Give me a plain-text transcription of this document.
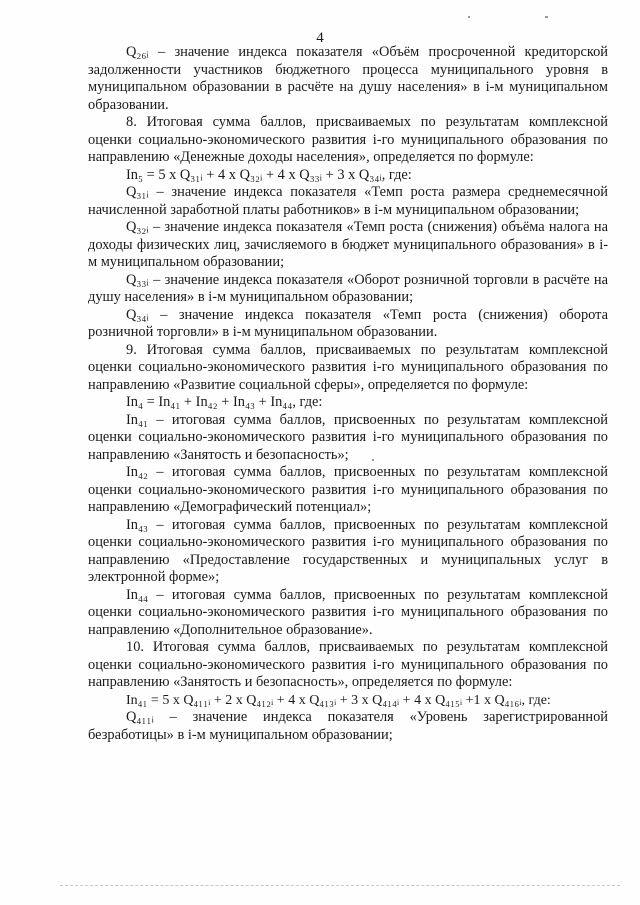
4

Q₂₆ᵢ – значение индекса показателя «Объём просроченной кредиторской задолженности участников бюджетного процесса муниципального уровня в муниципальном образовании в расчёте на душу населения» в i-м муниципальном образовании.

8. Итоговая сумма баллов, присваиваемых по результатам комплексной оценки социально-экономического развития i-го муниципального образования по направлению «Денежные доходы населения», определяется по формуле:

In₅ = 5 x Q₃₁ᵢ + 4 x Q₃₂ᵢ + 4 x Q₃₃ᵢ + 3 x Q₃₄ᵢ, где:

Q₃₁ᵢ – значение индекса показателя «Темп роста размера среднемесячной начисленной заработной платы работников» в i-м муниципальном образовании;

Q₃₂ᵢ – значение индекса показателя «Темп роста (снижения) объёма налога на доходы физических лиц, зачисляемого в бюджет муниципального образования» в i-м муниципальном образовании;

Q₃₃ᵢ – значение индекса показателя «Оборот розничной торговли в расчёте на душу населения» в i-м муниципальном образовании;

Q₃₄ᵢ – значение индекса показателя «Темп роста (снижения) оборота розничной торговли» в i-м муниципальном образовании.

9. Итоговая сумма баллов, присваиваемых по результатам комплексной оценки социально-экономического развития i-го муниципального образования по направлению «Развитие социальной сферы», определяется по формуле:

In₄ = In₄₁ + In₄₂ + In₄₃ + In₄₄, где:

In₄₁ – итоговая сумма баллов, присвоенных по результатам комплексной оценки социально-экономического развития i-го муниципального образования по направлению «Занятость и безопасность»;

In₄₂ – итоговая сумма баллов, присвоенных по результатам комплексной оценки социально-экономического развития i-го муниципального образования по направлению «Демографический потенциал»;

In₄₃ – итоговая сумма баллов, присвоенных по результатам комплексной оценки социально-экономического развития i-го муниципального образования по направлению «Предоставление государственных и муниципальных услуг в электронной форме»;

In₄₄ – итоговая сумма баллов, присвоенных по результатам комплексной оценки социально-экономического развития i-го муниципального образования по направлению «Дополнительное образование».

10. Итоговая сумма баллов, присваиваемых по результатам комплексной оценки социально-экономического развития i-го муниципального образования по направлению «Занятость и безопасность», определяется по формуле:

In₄₁ = 5 x Q₄₁₁ᵢ + 2 x Q₄₁₂ᵢ + 4 x Q₄₁₃ᵢ + 3 x Q₄₁₄ᵢ + 4 x Q₄₁₅ᵢ +1 x Q₄₁₆ᵢ, где:

Q₄₁₁ᵢ – значение индекса показателя «Уровень зарегистрированной безработицы» в i-м муниципальном образовании;
